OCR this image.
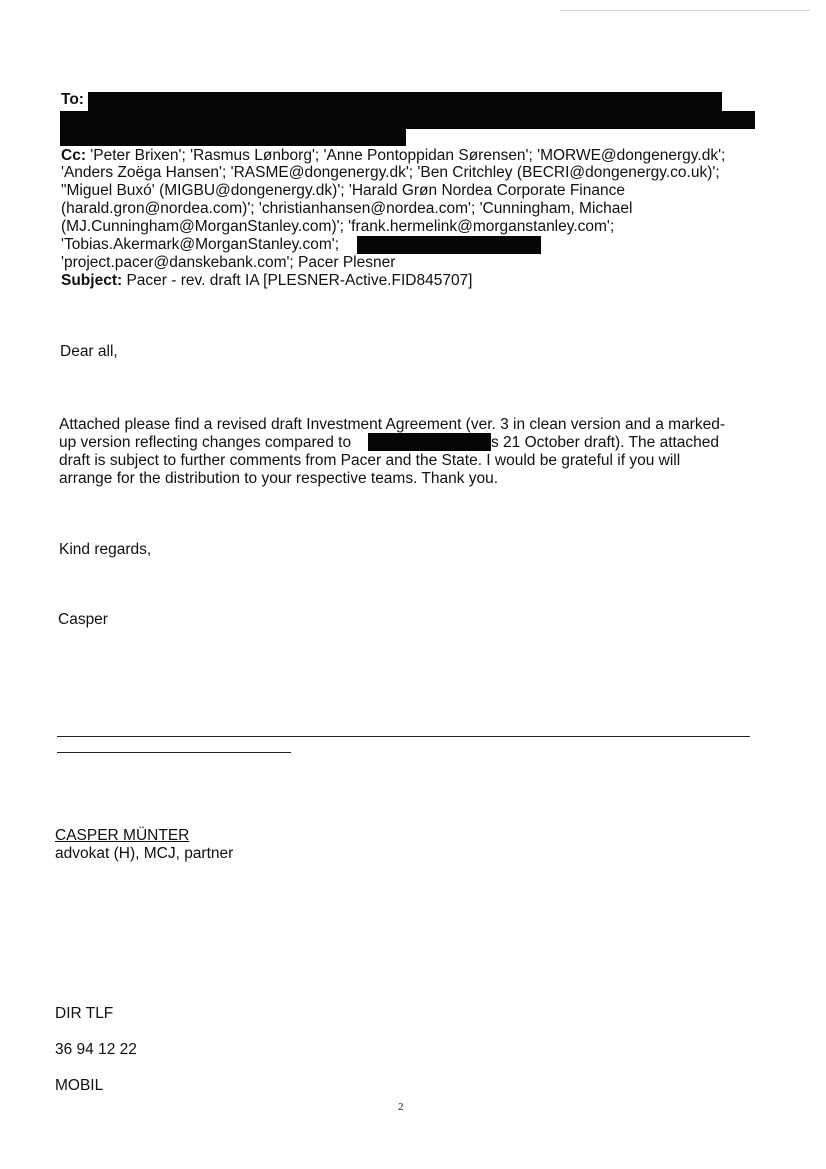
To:
Cc: 'Peter Brixen'; 'Rasmus Lønborg'; 'Anne Pontoppidan Sørensen'; 'MORWE@dongenergy.dk';
'Anders Zoëga Hansen'; 'RASME@dongenergy.dk'; 'Ben Critchley (BECRI@dongenergy.co.uk)';
"Miguel Buxó' (MIGBU@dongenergy.dk)'; 'Harald Grøn Nordea Corporate Finance
(harald.gron@nordea.com)'; 'christianhansen@nordea.com'; 'Cunningham, Michael
(MJ.Cunningham@MorganStanley.com)'; 'frank.hermelink@morganstanley.com';
'Tobias.Akermark@MorganStanley.com';
'project.pacer@danskebank.com'; Pacer Plesner
Subject: Pacer - rev. draft IA [PLESNER-Active.FID845707]
Dear all,
Attached please find a revised draft Investment Agreement (ver. 3 in clean version and a marked-
up version reflecting changes compared to	s 21 October draft). The attached
draft is subject to further comments from Pacer and the State. I would be grateful if you will
arrange for the distribution to your respective teams. Thank you.
Kind regards,
Casper
CASPER MÜNTER
advokat (H), MCJ, partner
DIR TLF
36 94 12 22
MOBIL
2
